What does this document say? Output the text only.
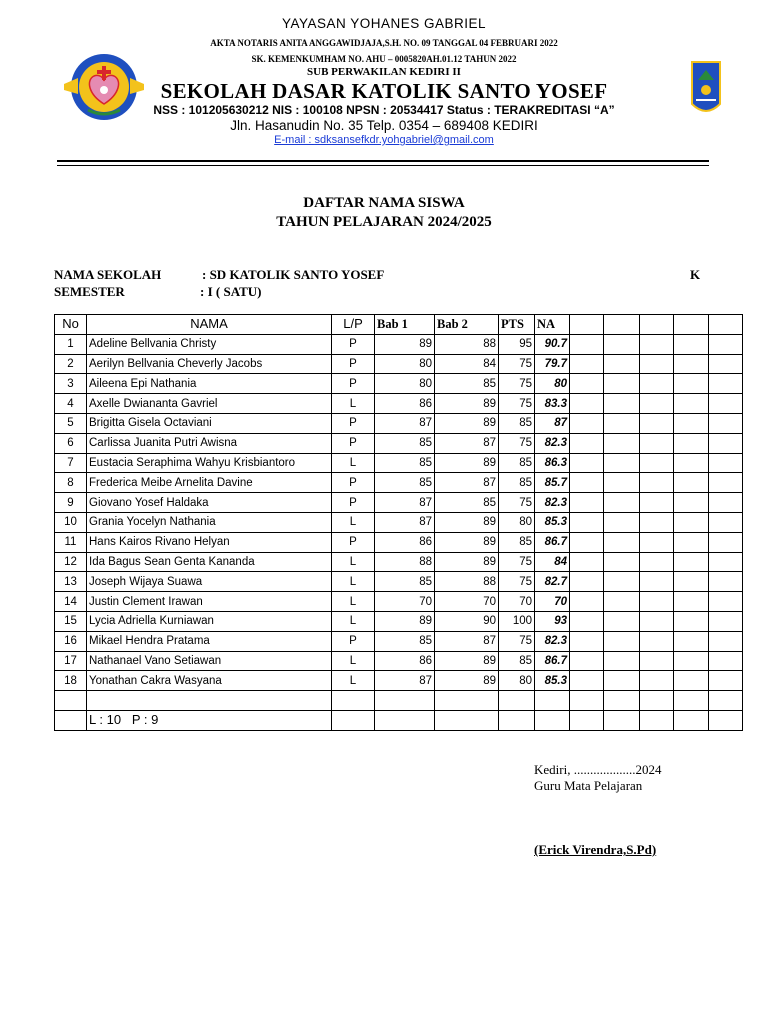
YAYASAN YOHANES GABRIEL
AKTA NOTARIS ANITA ANGGAWIDJAJA,S.H. NO. 09 TANGGAL 04 FEBRUARI 2022
SK. KEMENKUMHAM NO. AHU – 0005820AH.01.12 TAHUN 2022
SUB PERWAKILAN KEDIRI II
SEKOLAH DASAR KATOLIK SANTO YOSEF
NSS : 101205630212 NIS : 100108 NPSN : 20534417 Status : TERAKREDITASI “A”
Jln. Hasanudin No. 35 Telp. 0354 – 689408 KEDIRI
E-mail : sdksansefkdr.yohgabriel@gmail.com
DAFTAR NAMA SISWA
TAHUN PELAJARAN 2024/2025
NAMA SEKOLAH	: SD KATOLIK SANTO YOSEF
SEMESTER	: I ( SATU)
K
No	NAMA	L/P	Bab 1	Bab 2	PTS	NA					
1	Adeline Bellvania Christy	P	89	88	95	90.7					
2	Aerilyn Bellvania Cheverly Jacobs	P	80	84	75	79.7					
3	Aileena Epi Nathania	P	80	85	75	80					
4	Axelle Dwiananta Gavriel	L	86	89	75	83.3					
5	Brigitta Gisela Octaviani	P	87	89	85	87					
6	Carlissa Juanita Putri Awisna	P	85	87	75	82.3					
7	Eustacia Seraphima Wahyu Krisbiantoro	L	85	89	85	86.3					
8	Frederica Meibe Arnelita Davine	P	85	87	85	85.7					
9	Giovano Yosef Haldaka	P	87	85	75	82.3					
10	Grania Yocelyn Nathania	L	87	89	80	85.3					
11	Hans Kairos Rivano Helyan	P	86	89	85	86.7					
12	Ida Bagus Sean Genta Kananda	L	88	89	75	84					
13	Joseph Wijaya Suawa	L	85	88	75	82.7					
14	Justin Clement Irawan	L	70	70	70	70					
15	Lycia Adriella Kurniawan	L	89	90	100	93					
16	Mikael Hendra Pratama	P	85	87	75	82.3					
17	Nathanael Vano Setiawan	L	86	89	85	86.7					
18	Yonathan Cakra Wasyana	L	87	89	80	85.3					

	L : 10   P : 9										
Kediri, ...................2024
Guru Mata Pelajaran
(Erick Virendra,S.Pd)
